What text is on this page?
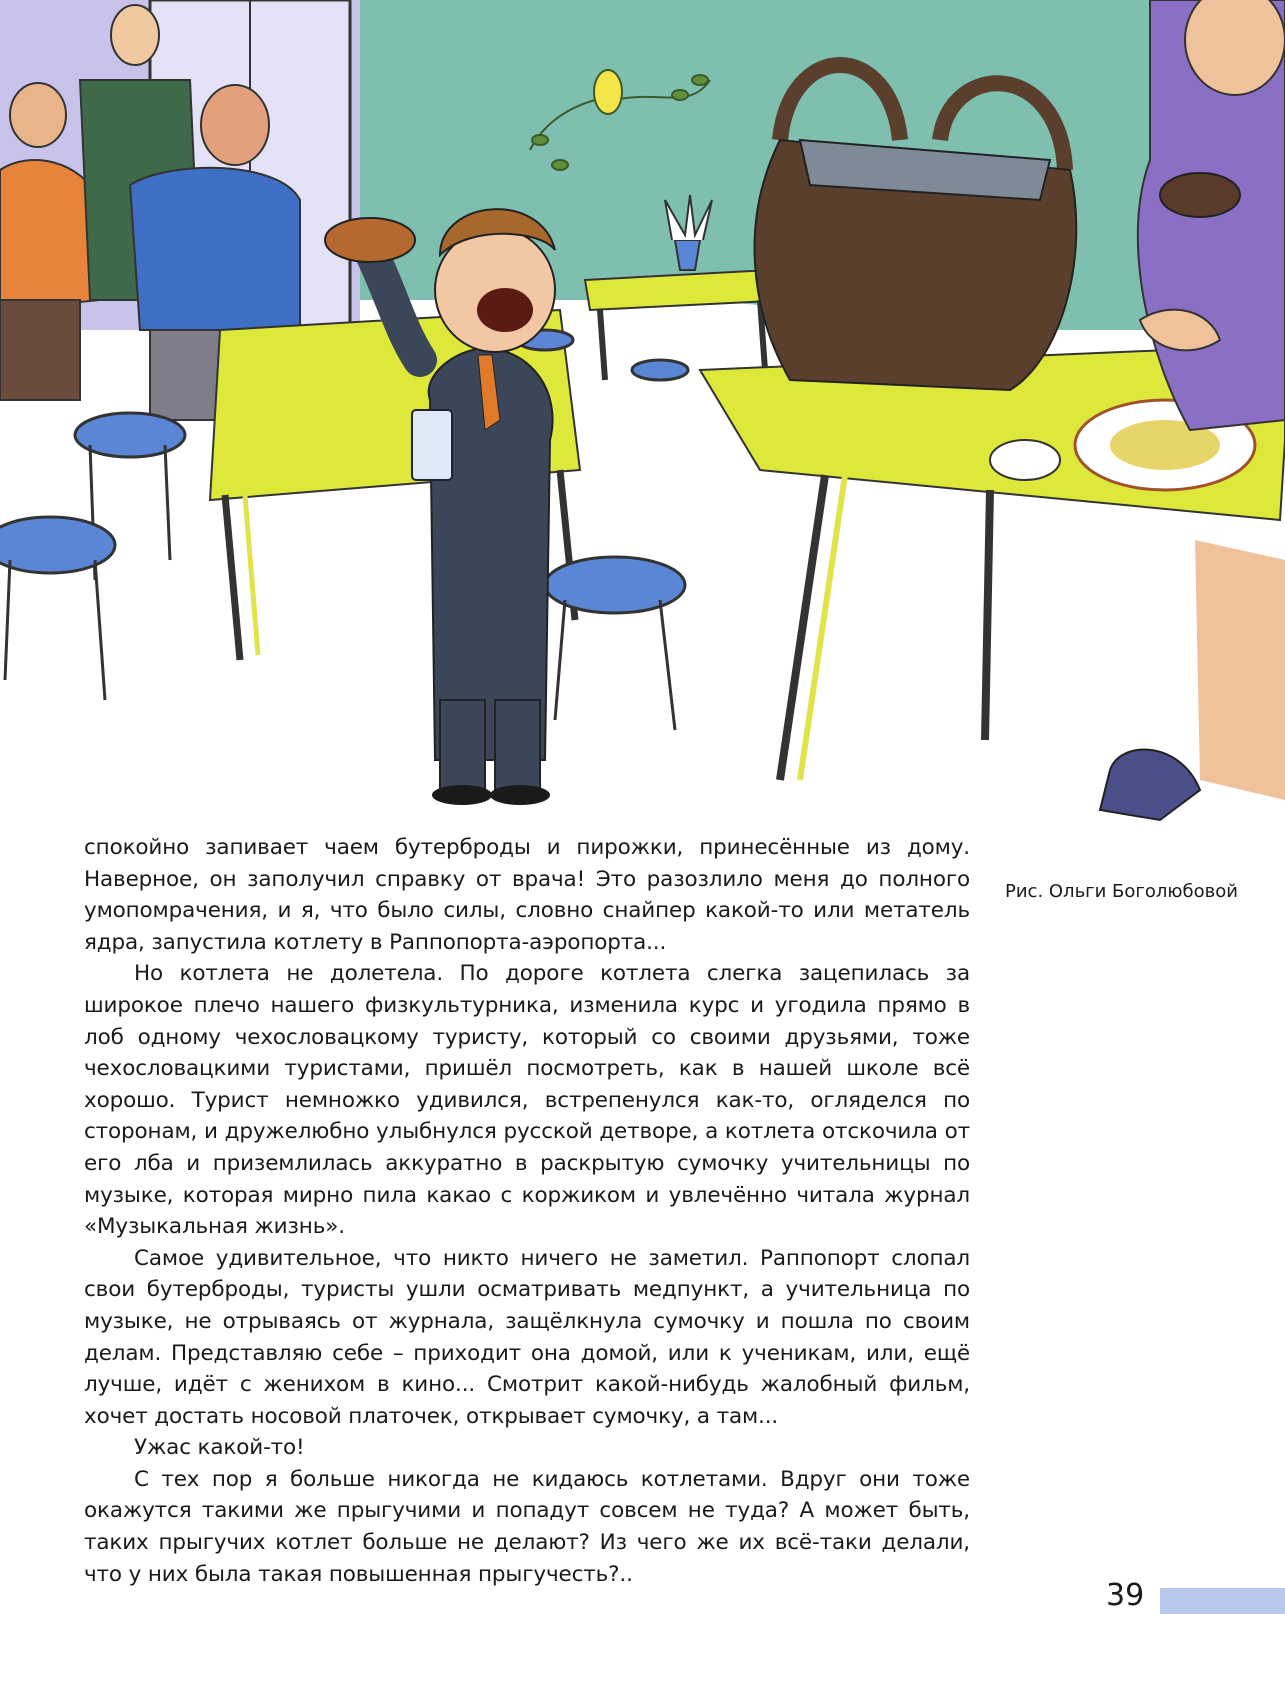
спокойно запивает чаем бутерброды и пирожки, принесённые из дому. Наверное, он заполучил справку от врача! Это разозлило меня до полного умопомрачения, и я, что было силы, словно снайпер какой-то или метатель ядра, запустила котлету в Раппопорта-аэропорта...

Но котлета не долетела. По дороге котлета слегка зацепилась за широкое плечо нашего физкультурника, изменила курс и угодила прямо в лоб одному чехословацкому туристу, который со своими друзьями, тоже чехословацкими туристами, пришёл посмотреть, как в нашей школе всё хорошо. Турист немножко удивился, встрепенулся как-то, огляделся по сторонам, и дружелюбно улыбнулся русской детворе, а котлета отскочила от его лба и приземлилась аккуратно в раскрытую сумочку учительницы по музыке, которая мирно пила какао с коржиком и увлечённо читала журнал «Музыкальная жизнь».

Самое удивительное, что никто ничего не заметил. Раппопорт слопал свои бутерброды, туристы ушли осматривать медпункт, а учительница по музыке, не отрываясь от журнала, защёлкнула сумочку и пошла по своим делам. Представляю себе – приходит она домой, или к ученикам, или, ещё лучше, идёт с женихом в кино... Смотрит какой-нибудь жалобный фильм, хочет достать носовой платочек, открывает сумочку, а там...

Ужас какой-то!

С тех пор я больше никогда не кидаюсь котлетами. Вдруг они тоже окажутся такими же прыгучими и попадут совсем не туда? А может быть, таких прыгучих котлет больше не делают? Из чего же их всё-таки делали, что у них была такая повышенная прыгучесть?..

Рис. Ольги Боголюбовой
39
